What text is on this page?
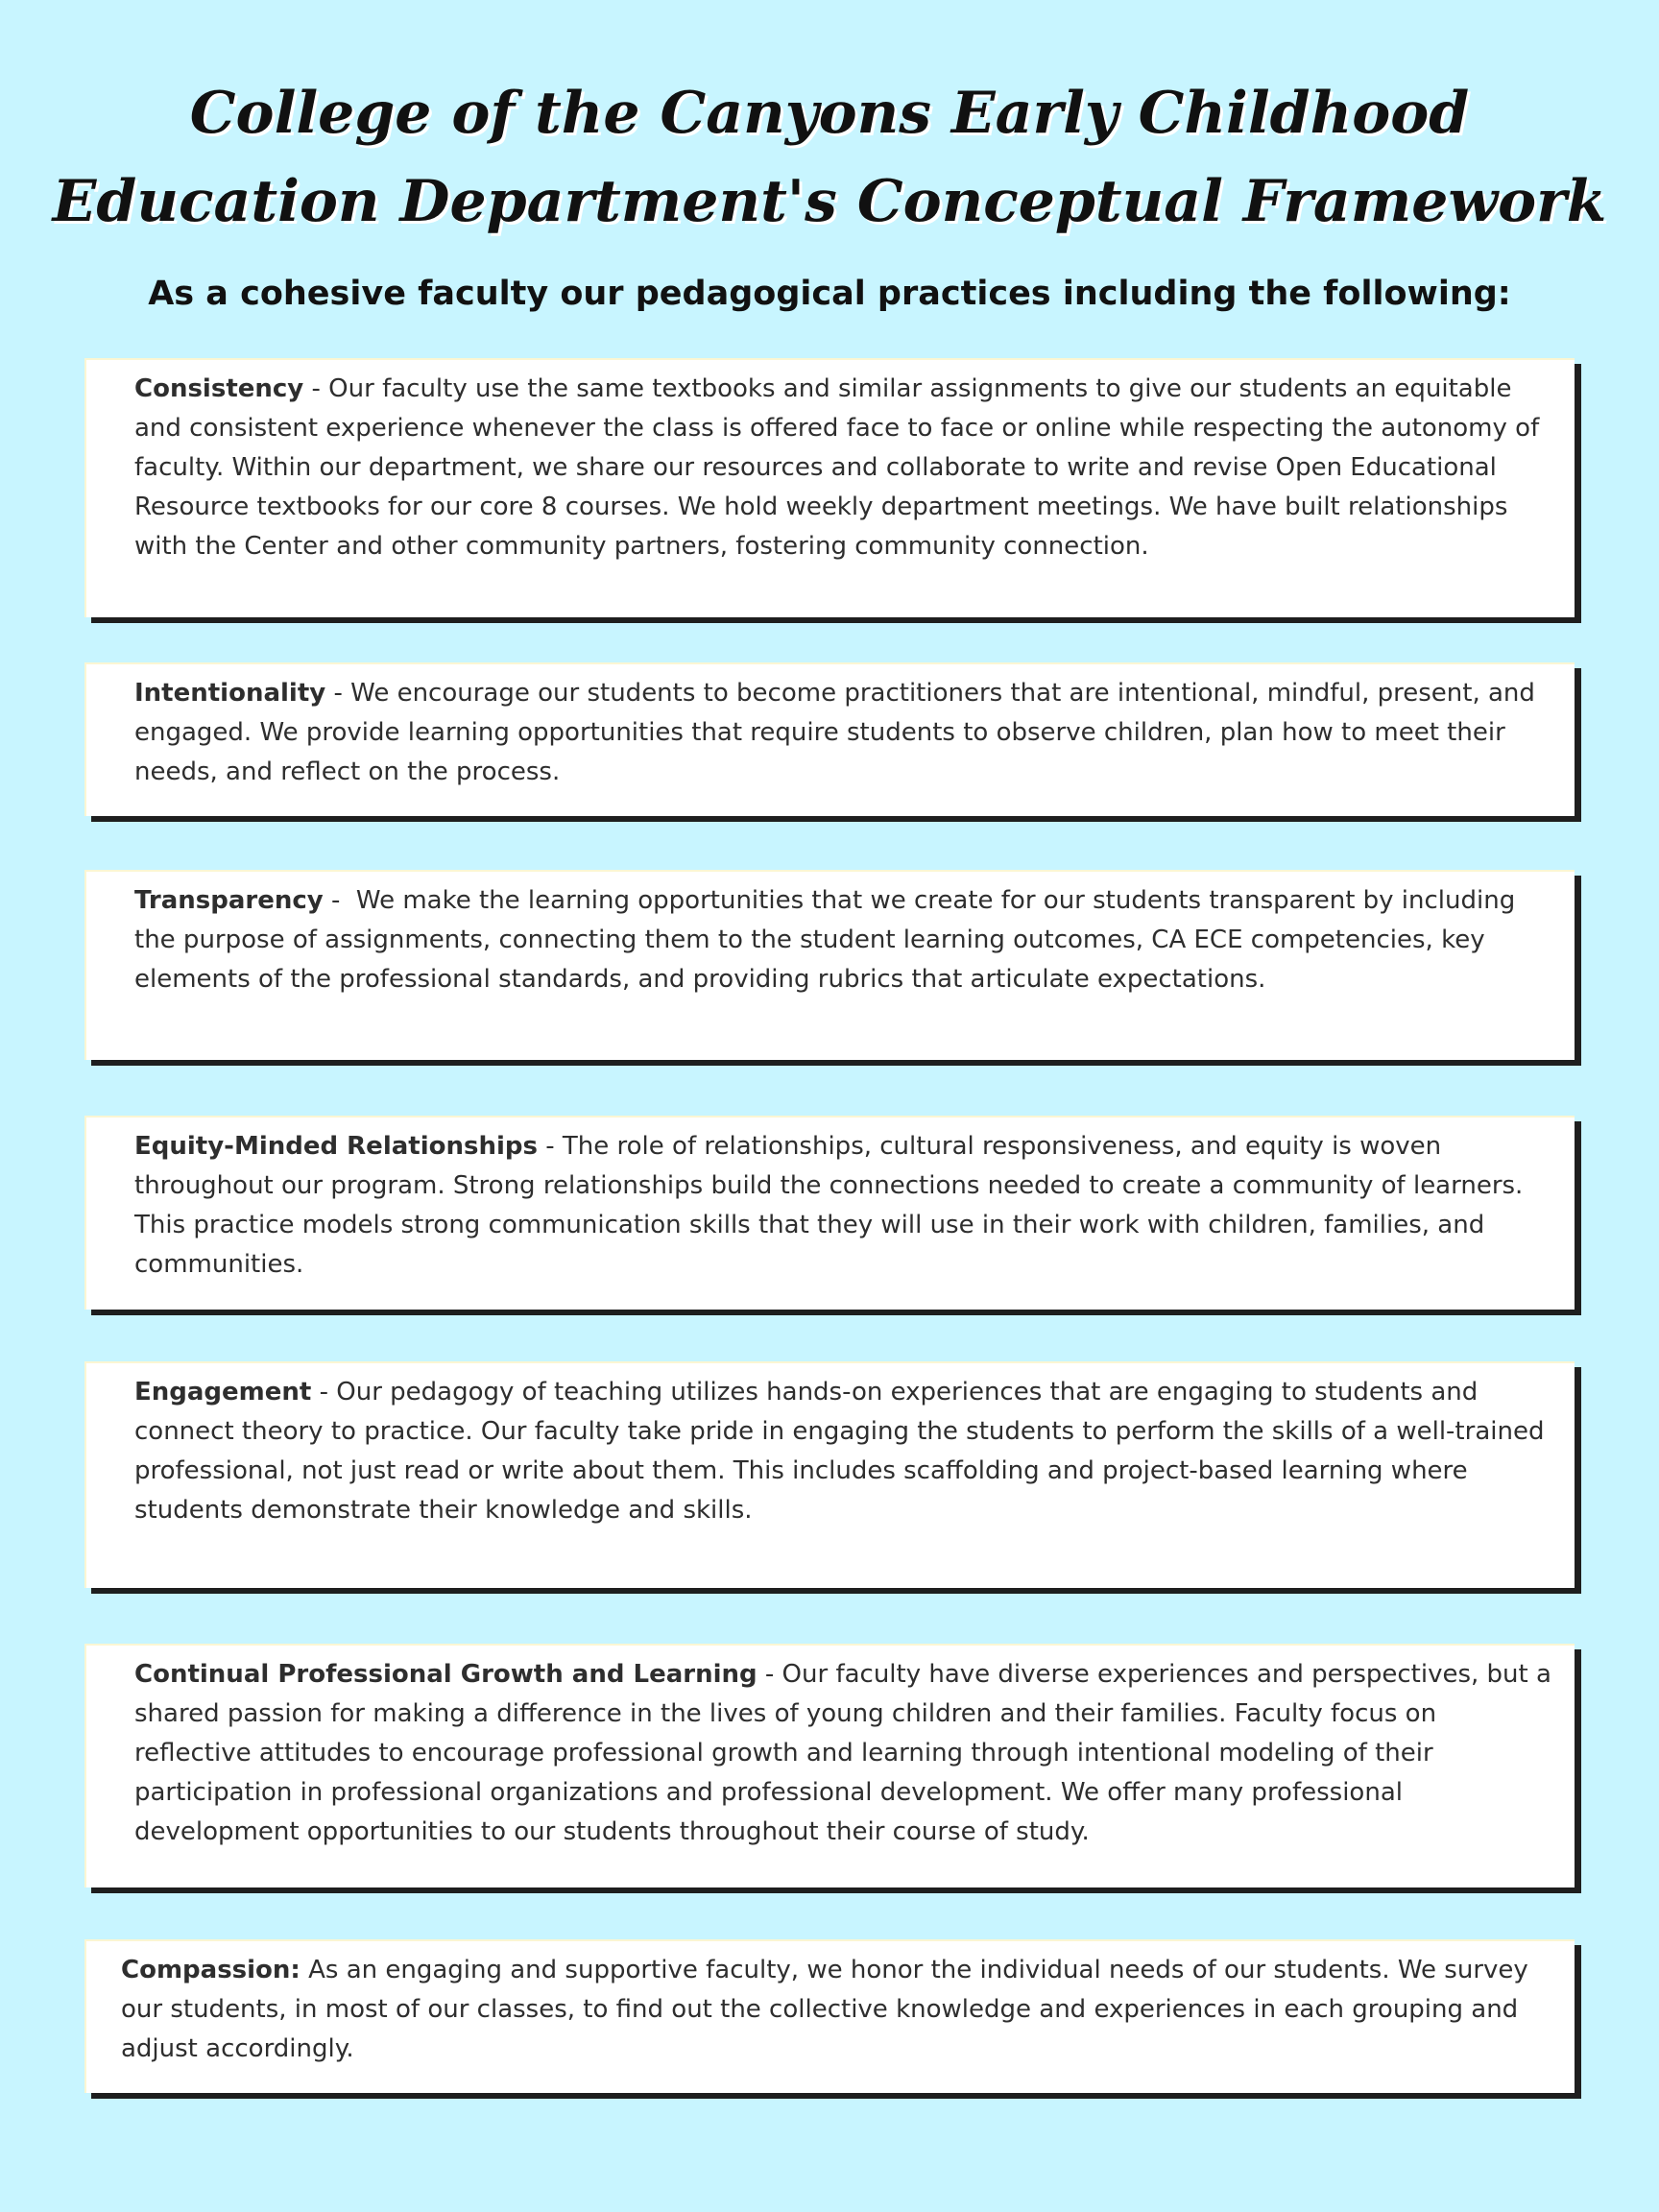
College of the Canyons Early Childhood
Education Department's Conceptual Framework
As a cohesive faculty our pedagogical practices including the following:

Consistency - Our faculty use the same textbooks and similar assignments to give our students an equitable and consistent experience whenever the class is offered face to face or online while respecting the autonomy of faculty. Within our department, we share our resources and collaborate to write and revise Open Educational Resource textbooks for our core 8 courses. We hold weekly department meetings. We have built relationships with the Center and other community partners, fostering community connection.

Intentionality - We encourage our students to become practitioners that are intentional, mindful, present, and engaged. We provide learning opportunities that require students to observe children, plan how to meet their needs, and reflect on the process.

Transparency -  We make the learning opportunities that we create for our students transparent by including the purpose of assignments, connecting them to the student learning outcomes, CA ECE competencies, key elements of the professional standards, and providing rubrics that articulate expectations.

Equity-Minded Relationships - The role of relationships, cultural responsiveness, and equity is woven throughout our program. Strong relationships build the connections needed to create a community of learners. This practice models strong communication skills that they will use in their work with children, families, and communities.

Engagement - Our pedagogy of teaching utilizes hands-on experiences that are engaging to students and connect theory to practice. Our faculty take pride in engaging the students to perform the skills of a well-trained professional, not just read or write about them. This includes scaffolding and project-based learning where students demonstrate their knowledge and skills.

Continual Professional Growth and Learning - Our faculty have diverse experiences and perspectives, but a shared passion for making a difference in the lives of young children and their families. Faculty focus on reflective attitudes to encourage professional growth and learning through intentional modeling of their participation in professional organizations and professional development. We offer many professional development opportunities to our students throughout their course of study.

Compassion: As an engaging and supportive faculty, we honor the individual needs of our students. We survey our students, in most of our classes, to find out the collective knowledge and experiences in each grouping and adjust accordingly.
